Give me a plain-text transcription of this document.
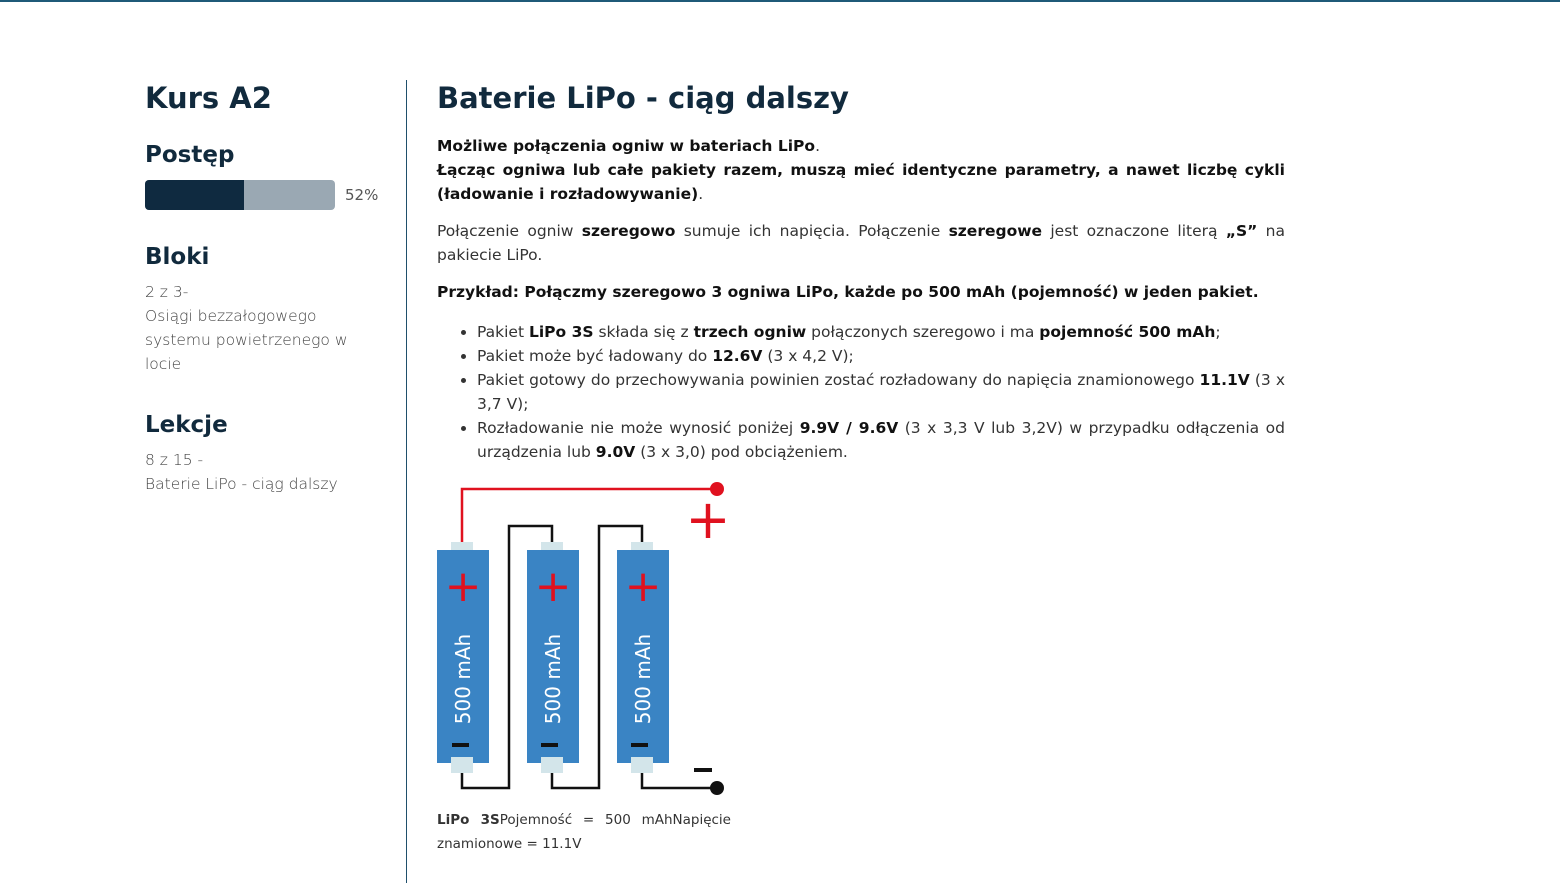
Kurs A2
Postęp
52%
Bloki
2 z 3-
Osiągi bezzałogowego systemu powietrzenego w locie
Lekcje
8 z 15 -
Baterie LiPo - ciąg dalszy
Baterie LiPo - ciąg dalszy

Możliwe połączenia ogniw w bateriach LiPo.
Łącząc ogniwa lub całe pakiety razem, muszą mieć identyczne parametry, a nawet liczbę cykli (ładowanie i rozładowywanie).

Połączenie ogniw szeregowo sumuje ich napięcia. Połączenie szeregowe jest oznaczone literą „S” na pakiecie LiPo.

Przykład: Połączmy szeregowo 3 ogniwa LiPo, każde po 500 mAh (pojemność) w jeden pakiet.

• Pakiet LiPo 3S składa się z trzech ogniw połączonych szeregowo i ma pojemność 500 mAh;
• Pakiet może być ładowany do 12.6V (3 x 4,2 V);
• Pakiet gotowy do przechowywania powinien zostać rozładowany do napięcia znamionowego 11.1V (3 x 3,7 V);
• Rozładowanie nie może wynosić poniżej 9.9V / 9.6V (3 x 3,3 V lub 3,2V) w przypadku odłączenia od urządzenia lub 9.0V (3 x 3,0) pod obciążeniem.
+
+
500 mAh
+
500 mAh
+
500 mAh
LiPo 3SPojemność = 500 mAhNapięcie znamionowe = 11.1V
